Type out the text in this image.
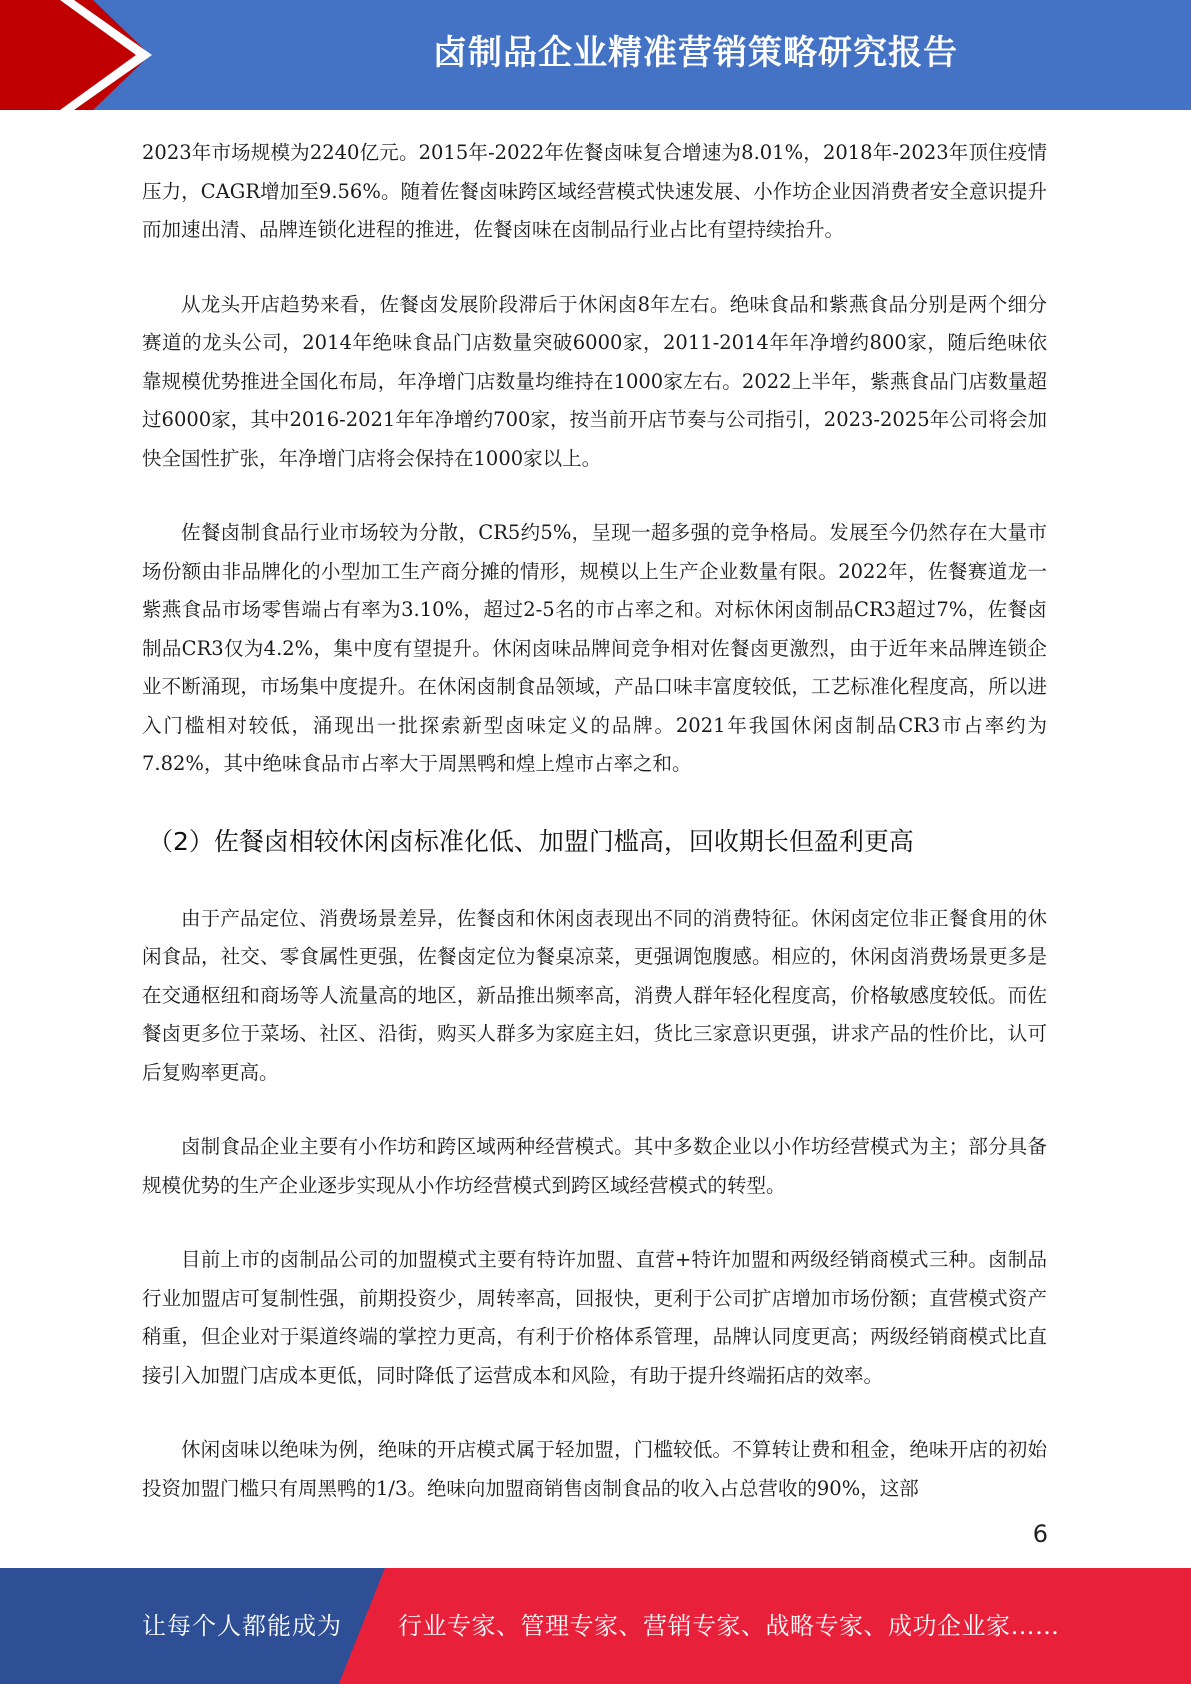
卤制品企业精准营销策略研究报告

2023年市场规模为2240亿元。2015年-2022年佐餐卤味复合增速为8.01%，2018年-2023年顶住疫情压力，CAGR增加至9.56%。随着佐餐卤味跨区域经营模式快速发展、小作坊企业因消费者安全意识提升而加速出清、品牌连锁化进程的推进，佐餐卤味在卤制品行业占比有望持续抬升。

从龙头开店趋势来看，佐餐卤发展阶段滞后于休闲卤8年左右。绝味食品和紫燕食品分别是两个细分赛道的龙头公司，2014年绝味食品门店数量突破6000家，2011-2014年年净增约800家，随后绝味依靠规模优势推进全国化布局，年净增门店数量均维持在1000家左右。2022上半年，紫燕食品门店数量超过6000家，其中2016-2021年年净增约700家，按当前开店节奏与公司指引，2023-2025年公司将会加快全国性扩张，年净增门店将会保持在1000家以上。

佐餐卤制食品行业市场较为分散，CR5约5%，呈现一超多强的竞争格局。发展至今仍然存在大量市场份额由非品牌化的小型加工生产商分摊的情形，规模以上生产企业数量有限。2022年，佐餐赛道龙一紫燕食品市场零售端占有率为3.10%，超过2-5名的市占率之和。对标休闲卤制品CR3超过7%，佐餐卤制品CR3仅为4.2%，集中度有望提升。休闲卤味品牌间竞争相对佐餐卤更激烈，由于近年来品牌连锁企业不断涌现，市场集中度提升。在休闲卤制食品领域，产品口味丰富度较低，工艺标准化程度高，所以进入门槛相对较低，涌现出一批探索新型卤味定义的品牌。2021年我国休闲卤制品CR3市占率约为7.82%，其中绝味食品市占率大于周黑鸭和煌上煌市占率之和。

（2）佐餐卤相较休闲卤标准化低、加盟门槛高，回收期长但盈利更高

由于产品定位、消费场景差异，佐餐卤和休闲卤表现出不同的消费特征。休闲卤定位非正餐食用的休闲食品，社交、零食属性更强，佐餐卤定位为餐桌凉菜，更强调饱腹感。相应的，休闲卤消费场景更多是在交通枢纽和商场等人流量高的地区，新品推出频率高，消费人群年轻化程度高，价格敏感度较低。而佐餐卤更多位于菜场、社区、沿街，购买人群多为家庭主妇，货比三家意识更强，讲求产品的性价比，认可后复购率更高。

卤制食品企业主要有小作坊和跨区域两种经营模式。其中多数企业以小作坊经营模式为主；部分具备规模优势的生产企业逐步实现从小作坊经营模式到跨区域经营模式的转型。

目前上市的卤制品公司的加盟模式主要有特许加盟、直营+特许加盟和两级经销商模式三种。卤制品行业加盟店可复制性强，前期投资少，周转率高，回报快，更利于公司扩店增加市场份额；直营模式资产稍重，但企业对于渠道终端的掌控力更高，有利于价格体系管理，品牌认同度更高；两级经销商模式比直接引入加盟门店成本更低，同时降低了运营成本和风险，有助于提升终端拓店的效率。

休闲卤味以绝味为例，绝味的开店模式属于轻加盟，门槛较低。不算转让费和租金，绝味开店的初始投资加盟门槛只有周黑鸭的1/3。绝味向加盟商销售卤制食品的收入占总营收的90%，这部

6
让每个人都能成为 行业专家、管理专家、营销专家、战略专家、成功企业家……
